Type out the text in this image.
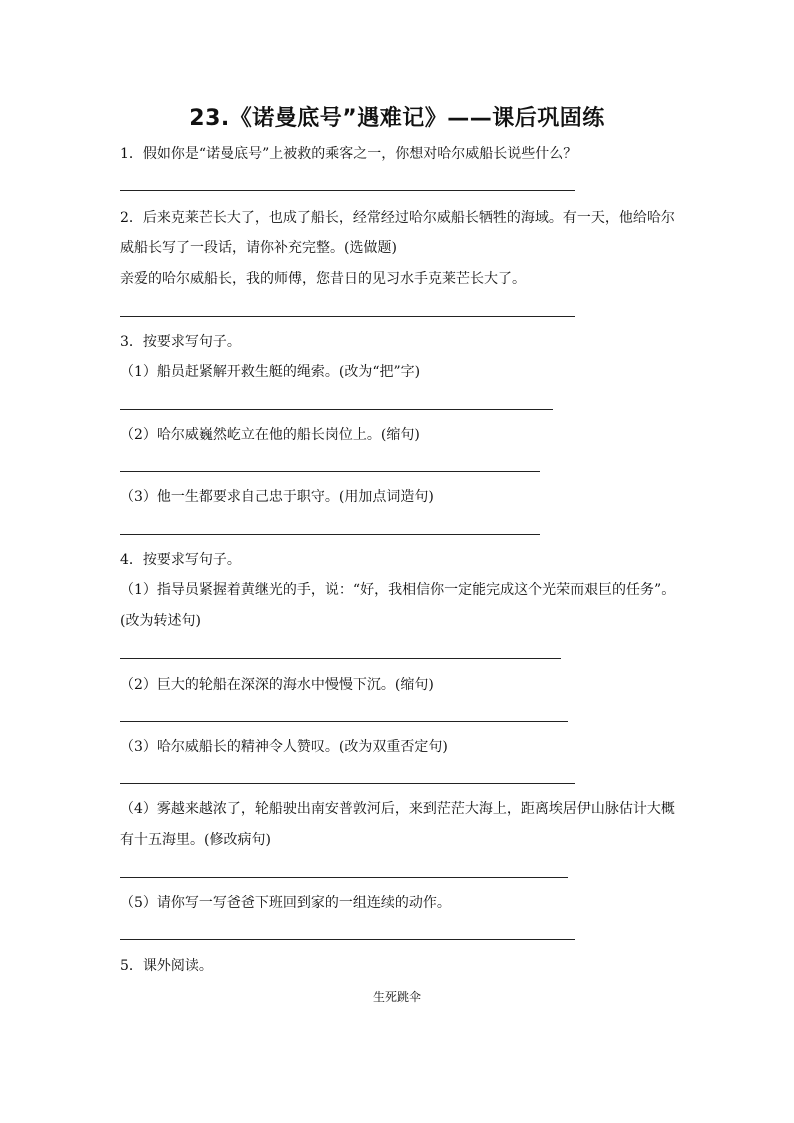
23.《诺曼底号”遇难记》——课后巩固练
1．假如你是“诺曼底号”上被救的乘客之一，你想对哈尔威船长说些什么？
2．后来克莱芒长大了，也成了船长，经常经过哈尔威船长牺牲的海域。有一天，他给哈尔
威船长写了一段话，请你补充完整。(选做题)
亲爱的哈尔威船长，我的师傅，您昔日的见习水手克莱芒长大了。
3．按要求写句子。
（1）船员赶紧解开救生艇的绳索。(改为“把”字)
（2）哈尔威巍然屹立在他的船长岗位上。(缩句)
（3）他一生都要求自己忠于职守。(用加点词造句)
4．按要求写句子。
（1）指导员紧握着黄继光的手，说：“好，我相信你一定能完成这个光荣而艰巨的任务”。
(改为转述句)
（2）巨大的轮船在深深的海水中慢慢下沉。(缩句)
（3）哈尔威船长的精神令人赞叹。(改为双重否定句)
（4）雾越来越浓了，轮船驶出南安普敦河后，来到茫茫大海上，距离埃居伊山脉估计大概
有十五海里。(修改病句)
（5）请你写一写爸爸下班回到家的一组连续的动作。
5．课外阅读。
生死跳伞
